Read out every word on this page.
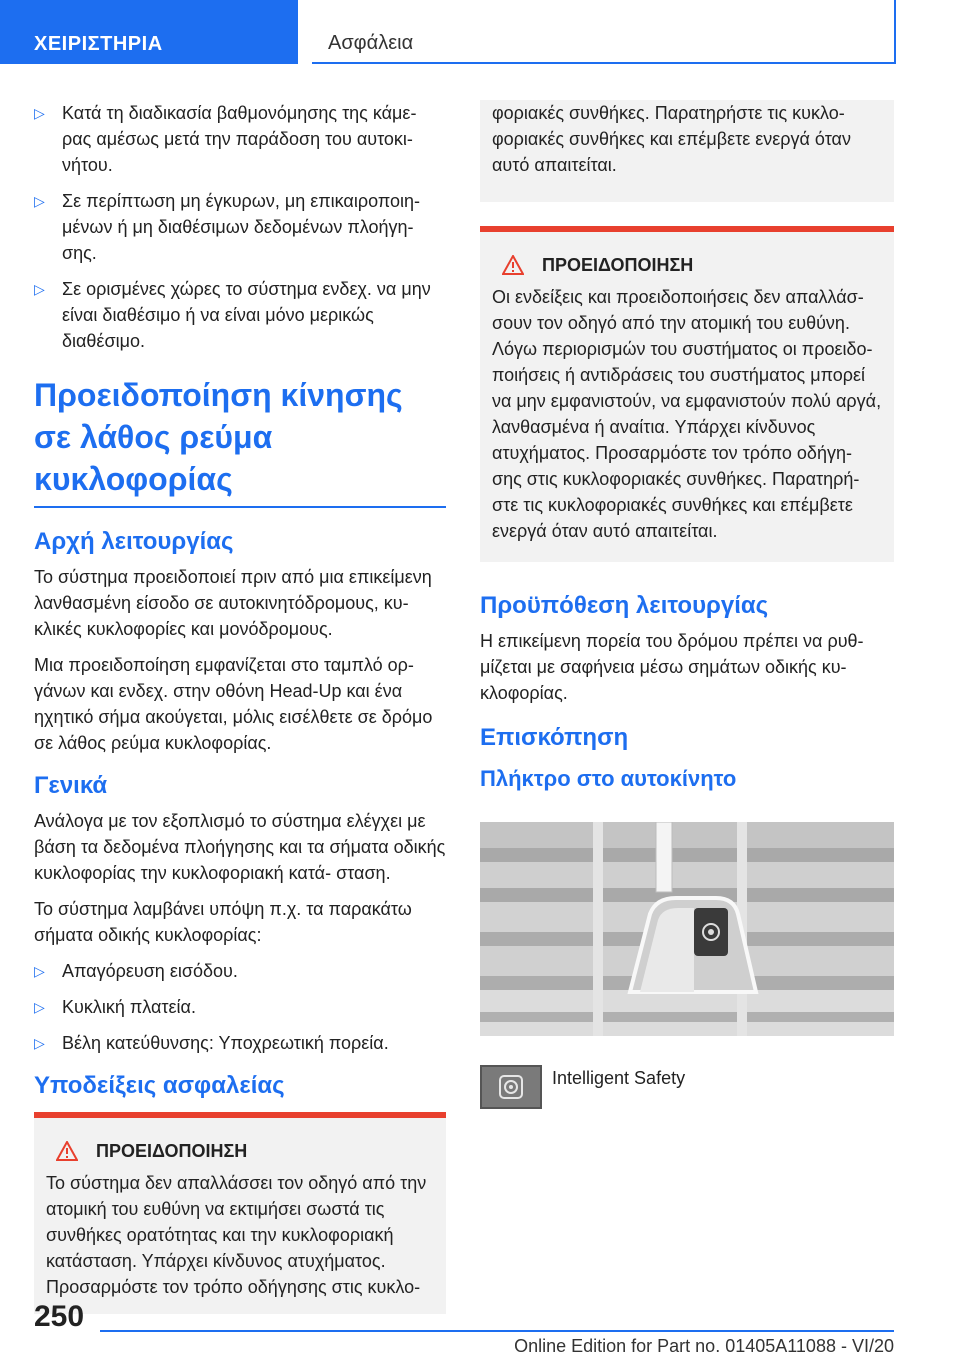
ΧΕΙΡΙΣΤΗΡΙΑ	Ασφάλεια
▷ Κατά τη διαδικασία βαθμονόμησης της κάμε- ρας αμέσως μετά την παράδοση του αυτοκι- νήτου.
▷ Σε περίπτωση μη έγκυρων, μη επικαιροποιη- μένων ή μη διαθέσιμων δεδομένων πλοήγη- σης.
▷ Σε ορισμένες χώρες το σύστημα ενδεχ. να μην είναι διαθέσιμο ή να είναι μόνο μερικώς διαθέσιμο.
Προειδοποίηση κίνησης σε λάθος ρεύμα κυκλοφορίας
Αρχή λειτουργίας

Το σύστημα προειδοποιεί πριν από μια επικείμενη λανθασμένη είσοδο σε αυτοκινητόδρομους, κυ- κλικές κυκλοφορίες και μονόδρομους.

Μια προειδοποίηση εμφανίζεται στο ταμπλό ορ- γάνων και ενδεχ. στην οθόνη Head-Up και ένα ηχητικό σήμα ακούγεται, μόλις εισέλθετε σε δρόμο σε λάθος ρεύμα κυκλοφορίας.

Γενικά

Ανάλογα με τον εξοπλισμό το σύστημα ελέγχει με βάση τα δεδομένα πλοήγησης και τα σήματα οδικής κυκλοφορίας την κυκλοφοριακή κατά- σταση.

Το σύστημα λαμβάνει υπόψη π.χ. τα παρακάτω σήματα οδικής κυκλοφορίας:

▷ Απαγόρευση εισόδου.
▷ Κυκλική πλατεία.
▷ Βέλη κατεύθυνσης: Υποχρεωτική πορεία.
Υποδείξεις ασφαλείας
ΠΡΟΕΙΔΟΠΟΙΗΣΗ
Το σύστημα δεν απαλλάσσει τον οδηγό από την ατομική του ευθύνη να εκτιμήσει σωστά τις συνθήκες ορατότητας και την κυκλοφοριακή κατάσταση. Υπάρχει κίνδυνος ατυχήματος. Προσαρμόστε τον τρόπο οδήγησης στις κυκλο-
φοριακές συνθήκες. Παρατηρήστε τις κυκλο- φοριακές συνθήκες και επέμβετε ενεργά όταν αυτό απαιτείται.
ΠΡΟΕΙΔΟΠΟΙΗΣΗ
Οι ενδείξεις και προειδοποιήσεις δεν απαλλάσ- σουν τον οδηγό από την ατομική του ευθύνη. Λόγω περιορισμών του συστήματος οι προειδο- ποιήσεις ή αντιδράσεις του συστήματος μπορεί να μην εμφανιστούν, να εμφανιστούν πολύ αργά, λανθασμένα ή αναίτια. Υπάρχει κίνδυνος ατυχήματος. Προσαρμόστε τον τρόπο οδήγη- σης στις κυκλοφοριακές συνθήκες. Παρατηρή- στε τις κυκλοφοριακές συνθήκες και επέμβετε ενεργά όταν αυτό απαιτείται.
Προϋπόθεση λειτουργίας

Η επικείμενη πορεία του δρόμου πρέπει να ρυθ- μίζεται με σαφήνεια μέσω σημάτων οδικής κυ- κλοφορίας.

Επισκόπηση
Πλήκτρο στο αυτοκίνητο
Intelligent Safety
250
Online Edition for Part no. 01405A11088 - VI/20
